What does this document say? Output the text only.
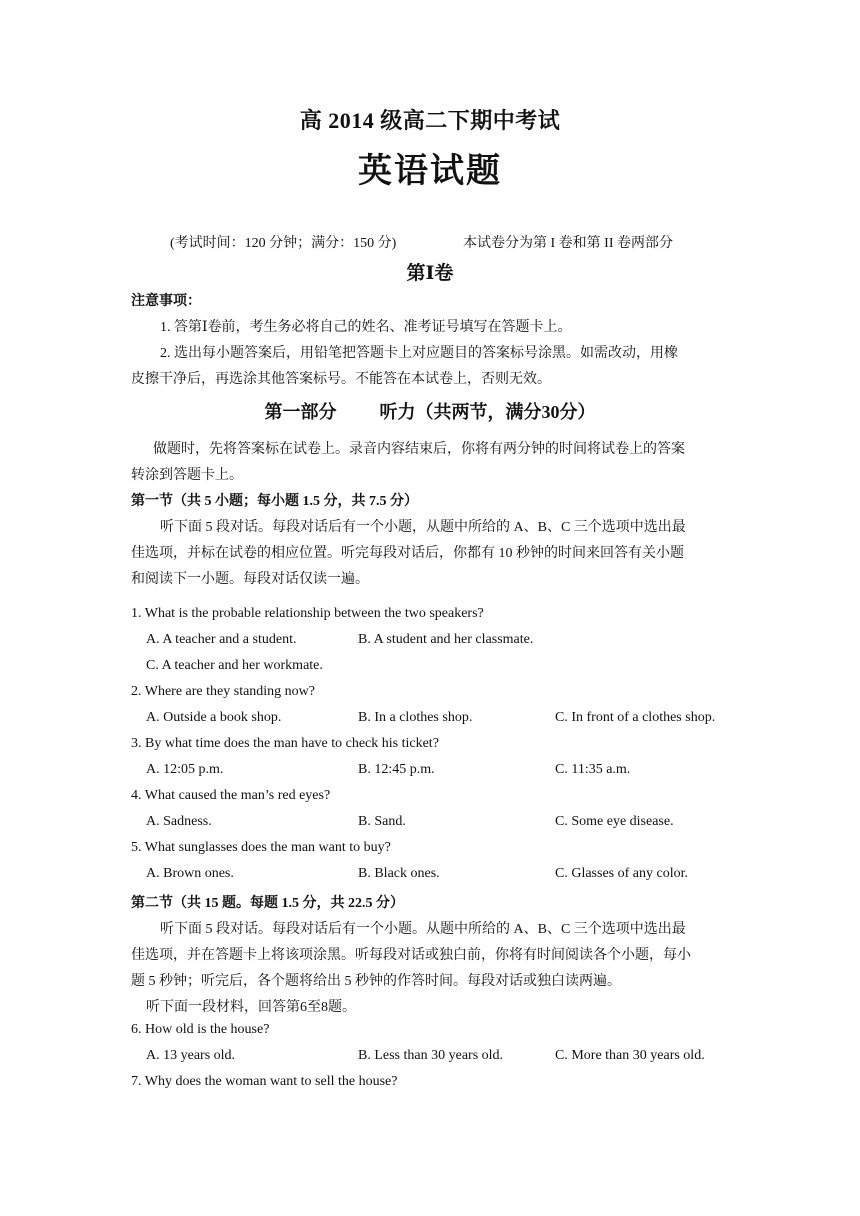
高 2014 级高二下期中考试
英语试题
(考试时间：120 分钟；满分：150 分)	本试卷分为第 I 卷和第 II 卷两部分
第Ⅰ卷
注意事项：
1. 答第Ⅰ卷前，考生务必将自己的姓名、准考证号填写在答题卡上。
2. 选出每小题答案后，用铅笔把答题卡上对应题目的答案标号涂黑。如需改动，用橡
皮擦干净后，再选涂其他答案标号。不能答在本试卷上，否则无效。
第一部分 听力（共两节，满分30分）
做题时，先将答案标在试卷上。录音内容结束后，你将有两分钟的时间将试卷上的答案
转涂到答题卡上。
第一节（共 5 小题；每小题 1.5 分，共 7.5 分）
听下面 5 段对话。每段对话后有一个小题，从题中所给的 A、B、C 三个选项中选出最
佳选项，并标在试卷的相应位置。听完每段对话后，你都有 10 秒钟的时间来回答有关小题
和阅读下一小题。每段对话仅读一遍。
1. What is the probable relationship between the two speakers?
A. A teacher and a student.	B. A student and her classmate.
C. A teacher and her workmate.
2. Where are they standing now?
A. Outside a book shop.	B. In a clothes shop.	C. In front of a clothes shop.
3. By what time does the man have to check his ticket?
A. 12:05 p.m.	B. 12:45 p.m.	C. 11:35 a.m.
4. What caused the man’s red eyes?
A. Sadness.	B. Sand.	C. Some eye disease.
5. What sunglasses does the man want to buy?
A. Brown ones.	B. Black ones.	C. Glasses of any color.
第二节（共 15 题。每题 1.5 分，共 22.5 分）
听下面 5 段对话。每段对话后有一个小题。从题中所给的 A、B、C 三个选项中选出最
佳选项，并在答题卡上将该项涂黑。听每段对话或独白前，你将有时间阅读各个小题，每小
题 5 秒钟；听完后，各个题将给出 5 秒钟的作答时间。每段对话或独白读两遍。
听下面一段材料，回答第6至8题。
6. How old is the house?
A. 13 years old.	B. Less than 30 years old.	C. More than 30 years old.
7. Why does the woman want to sell the house?
